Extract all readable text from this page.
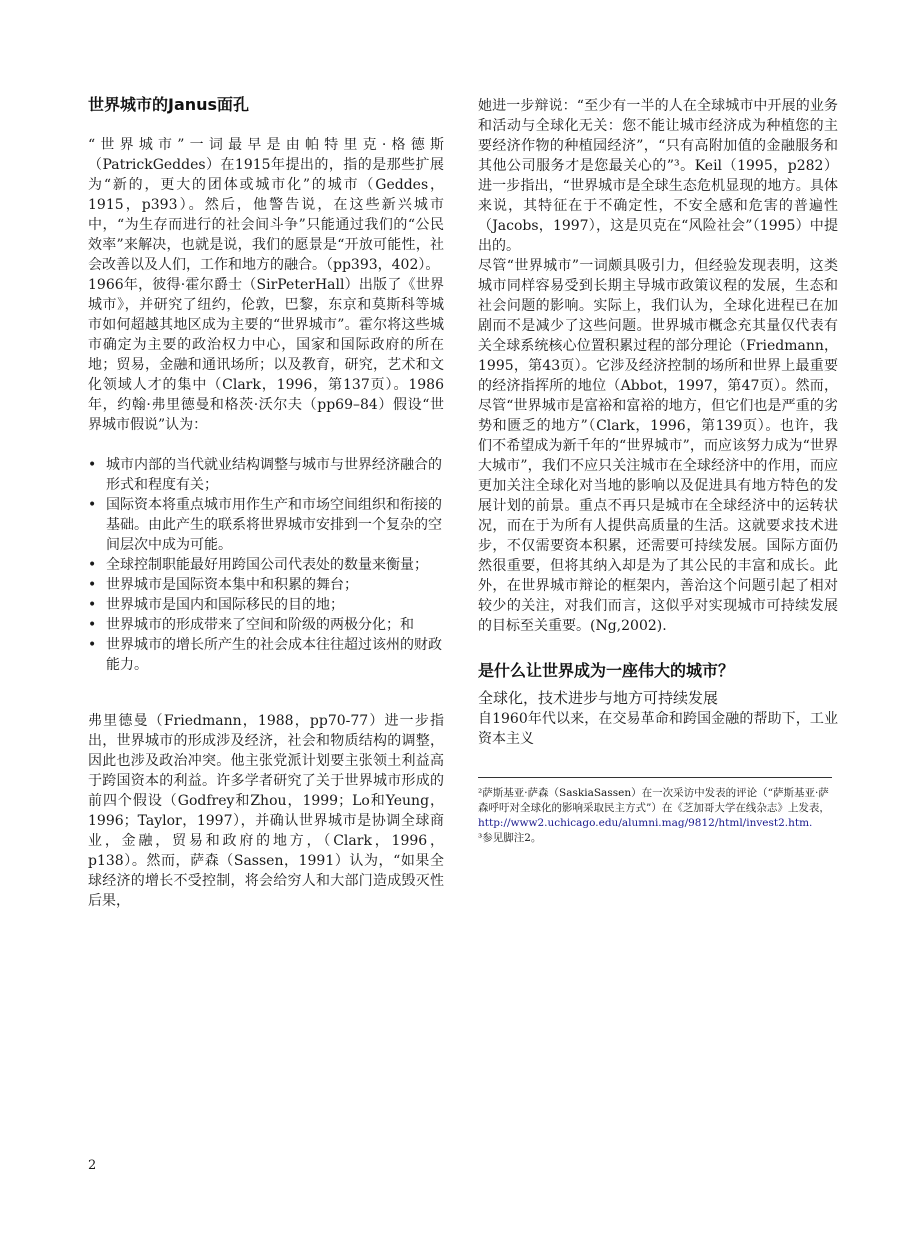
世界城市的Janus面孔

“世界城市”一词最早是由帕特里克·格德斯（PatrickGeddes）在1915年提出的，指的是那些扩展为“新的，更大的团体或城市化”的城市（Geddes，1915，p393）。然后，他警告说，在这些新兴城市中，“为生存而进行的社会间斗争”只能通过我们的“公民效率”来解决，也就是说，我们的愿景是“开放可能性，社会改善以及人们，工作和地方的融合。（pp393，402）。

1966年，彼得·霍尔爵士（SirPeterHall）出版了《世界城市》，并研究了纽约，伦敦，巴黎，东京和莫斯科等城市如何超越其地区成为主要的“世界城市”。霍尔将这些城市确定为主要的政治权力中心，国家和国际政府的所在地；贸易，金融和通讯场所；以及教育，研究，艺术和文化领域人才的集中（Clark，1996，第137页）。1986年，约翰·弗里德曼和格茨·沃尔夫（pp69–84）假设“世界城市假说”认为：

• 城市内部的当代就业结构调整与城市与世界经济融合的形式和程度有关；
• 国际资本将重点城市用作生产和市场空间组织和衔接的基础。由此产生的联系将世界城市安排到一个复杂的空间层次中成为可能。
• 全球控制职能最好用跨国公司代表处的数量来衡量；
• 世界城市是国际资本集中和积累的舞台；
• 世界城市是国内和国际移民的目的地；
• 世界城市的形成带来了空间和阶级的两极分化；和
• 世界城市的增长所产生的社会成本往往超过该州的财政能力。

弗里德曼（Friedmann，1988，pp70-77）进一步指出，世界城市的形成涉及经济，社会和物质结构的调整，因此也涉及政治冲突。他主张党派计划要主张领土利益高于跨国资本的利益。许多学者研究了关于世界城市形成的前四个假设（Godfrey和Zhou，1999；Lo和Yeung，1996；Taylor，1997），并确认世界城市是协调全球商业，金融，贸易和政府的地方，（Clark，1996，p138）。然而，萨森（Sassen，1991）认为，“如果全球经济的增长不受控制，将会给穷人和大部门造成毁灭性后果，

她进一步辩说：“至少有一半的人在全球城市中开展的业务和活动与全球化无关：您不能让城市经济成为种植您的主要经济作物的种植园经济”，“只有高附加值的金融服务和其他公司服务才是您最关心的”³。Keil（1995，p282）进一步指出，“世界城市是全球生态危机显现的地方。具体来说，其特征在于不确定性，不安全感和危害的普遍性（Jacobs，1997），这是贝克在“风险社会”（1995）中提出的。

尽管“世界城市”一词颇具吸引力，但经验发现表明，这类城市同样容易受到长期主导城市政策议程的发展，生态和社会问题的影响。实际上，我们认为，全球化进程已在加剧而不是减少了这些问题。世界城市概念充其量仅代表有关全球系统核心位置积累过程的部分理论（Friedmann，1995，第43页）。它涉及经济控制的场所和世界上最重要的经济指挥所的地位（Abbot，1997，第47页）。然而，尽管“世界城市是富裕和富裕的地方，但它们也是严重的劣势和匮乏的地方”（Clark，1996，第139页）。也许，我们不希望成为新千年的“世界城市”，而应该努力成为“世界大城市”，我们不应只关注城市在全球经济中的作用，而应更加关注全球化对当地的影响以及促进具有地方特色的发展计划的前景。重点不再只是城市在全球经济中的运转状况，而在于为所有人提供高质量的生活。这就要求技术进步，不仅需要资本积累，还需要可持续发展。国际方面仍然很重要，但将其纳入却是为了其公民的丰富和成长。此外，在世界城市辩论的框架内，善治这个问题引起了相对较少的关注，对我们而言，这似乎对实现城市可持续发展的目标至关重要。(Ng,2002).

是什么让世界成为一座伟大的城市？

全球化，技术进步与地方可持续发展

自1960年代以来，在交易革命和跨国金融的帮助下，工业资本主义

²萨斯基亚·萨森（SaskiaSassen）在一次采访中发表的评论（“萨斯基亚·萨森呼吁对全球化的影响采取民主方式”）在《芝加哥大学在线杂志》上发表，
http://www2.uchicago.edu/alumni.mag/9812/html/invest2.htm.

³参见脚注2。

2
